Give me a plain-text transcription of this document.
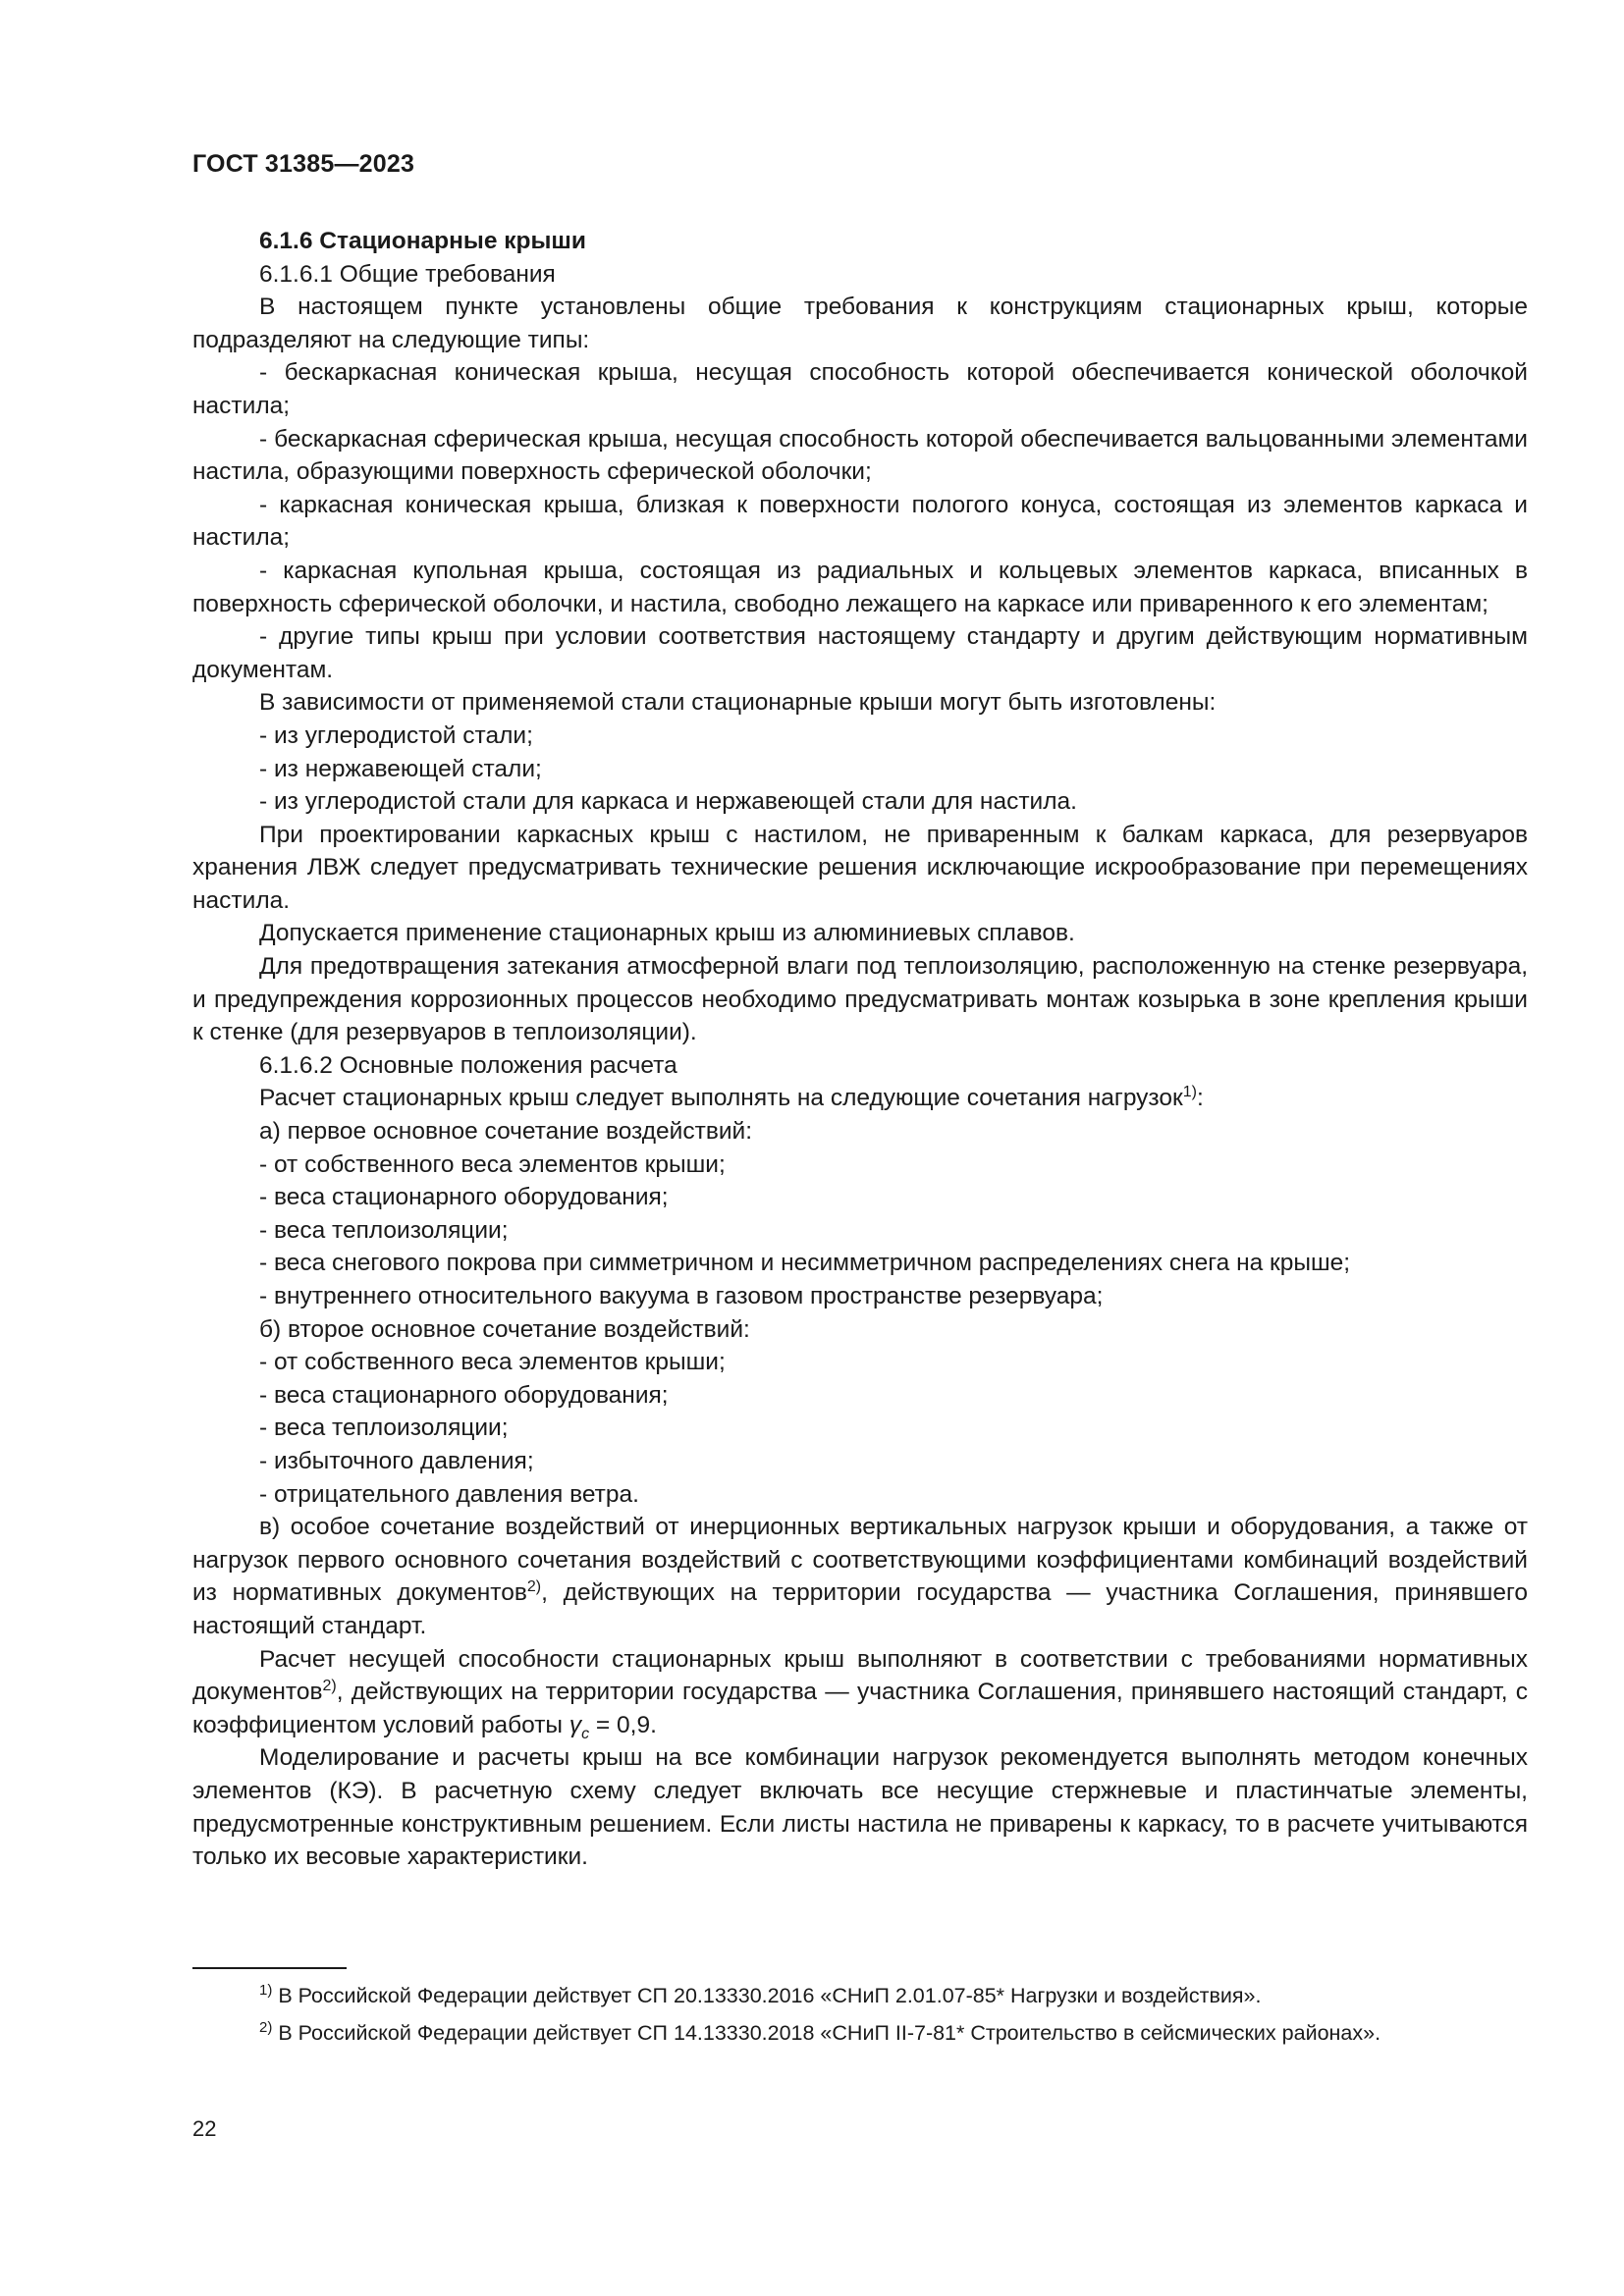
ГОСТ 31385—2023

6.1.6 Стационарные крыши

6.1.6.1 Общие требования

В настоящем пункте установлены общие требования к конструкциям стационарных крыш, которые подразделяют на следующие типы:

- бескаркасная коническая крыша, несущая способность которой обеспечивается конической оболочкой настила;

- бескаркасная сферическая крыша, несущая способность которой обеспечивается вальцованными элементами настила, образующими поверхность сферической оболочки;

- каркасная коническая крыша, близкая к поверхности пологого конуса, состоящая из элементов каркаса и настила;

- каркасная купольная крыша, состоящая из радиальных и кольцевых элементов каркаса, вписанных в поверхность сферической оболочки, и настила, свободно лежащего на каркасе или приваренного к его элементам;

- другие типы крыш при условии соответствия настоящему стандарту и другим действующим нормативным документам.

В зависимости от применяемой стали стационарные крыши могут быть изготовлены:

- из углеродистой стали;

- из нержавеющей стали;

- из углеродистой стали для каркаса и нержавеющей стали для настила.

При проектировании каркасных крыш с настилом, не приваренным к балкам каркаса, для резервуаров хранения ЛВЖ следует предусматривать технические решения исключающие искрообразование при перемещениях настила.

Допускается применение стационарных крыш из алюминиевых сплавов.

Для предотвращения затекания атмосферной влаги под теплоизоляцию, расположенную на стенке резервуара, и предупреждения коррозионных процессов необходимо предусматривать монтаж козырька в зоне крепления крыши к стенке (для резервуаров в теплоизоляции).

6.1.6.2 Основные положения расчета

Расчет стационарных крыш следует выполнять на следующие сочетания нагрузок$^{1)}$:

а) первое основное сочетание воздействий:

- от собственного веса элементов крыши;

- веса стационарного оборудования;

- веса теплоизоляции;

- веса снегового покрова при симметричном и несимметричном распределениях снега на крыше;

- внутреннего относительного вакуума в газовом пространстве резервуара;

б) второе основное сочетание воздействий:

- от собственного веса элементов крыши;

- веса стационарного оборудования;

- веса теплоизоляции;

- избыточного давления;

- отрицательного давления ветра.

в) особое сочетание воздействий от инерционных вертикальных нагрузок крыши и оборудования, а также от нагрузок первого основного сочетания воздействий с соответствующими коэффициентами комбинаций воздействий из нормативных документов$^{2)}$, действующих на территории государства — участника Соглашения, принявшего настоящий стандарт.

Расчет несущей способности стационарных крыш выполняют в соответствии с требованиями нормативных документов$^{2)}$, действующих на территории государства — участника Соглашения, принявшего настоящий стандарт, с коэффициентом условий работы $\gamma_c = 0,9$.

Моделирование и расчеты крыш на все комбинации нагрузок рекомендуется выполнять методом конечных элементов (КЭ). В расчетную схему следует включать все несущие стержневые и пластинчатые элементы, предусмотренные конструктивным решением. Если листы настила не приварены к каркасу, то в расчете учитываются только их весовые характеристики.

$^{1)}$ В Российской Федерации действует СП 20.13330.2016 «СНиП 2.01.07-85* Нагрузки и воздействия».

$^{2)}$ В Российской Федерации действует СП 14.13330.2018 «СНиП II-7-81* Строительство в сейсмических районах».

22
